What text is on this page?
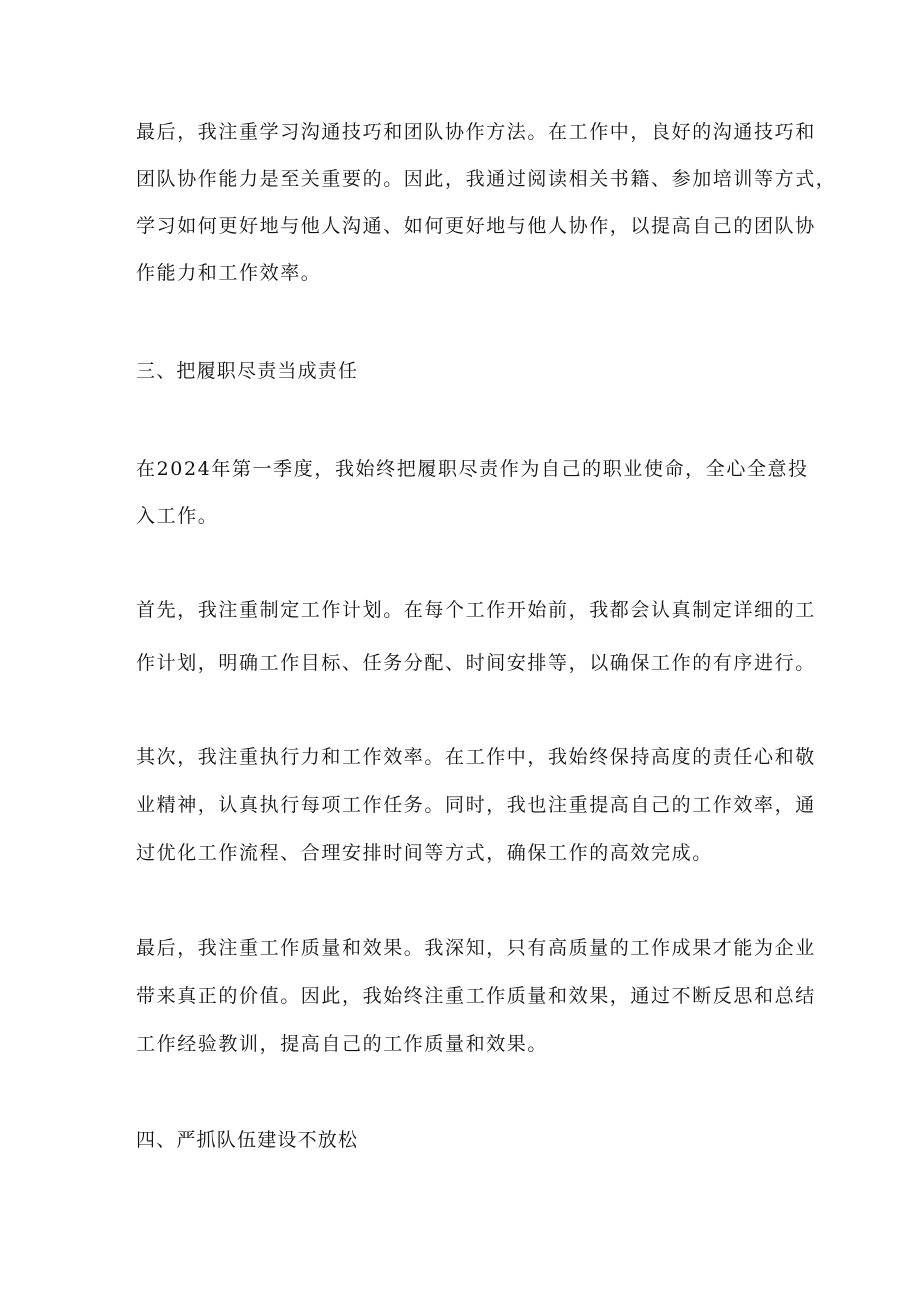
最后，我注重学习沟通技巧和团队协作方法。在工作中，良好的沟通技巧和
团队协作能力是至关重要的。因此，我通过阅读相关书籍、参加培训等方式，
学习如何更好地与他人沟通、如何更好地与他人协作，以提高自己的团队协
作能力和工作效率。
三、把履职尽责当成责任
在2024年第一季度，我始终把履职尽责作为自己的职业使命，全心全意投
入工作。
首先，我注重制定工作计划。在每个工作开始前，我都会认真制定详细的工
作计划，明确工作目标、任务分配、时间安排等，以确保工作的有序进行。
其次，我注重执行力和工作效率。在工作中，我始终保持高度的责任心和敬
业精神，认真执行每项工作任务。同时，我也注重提高自己的工作效率，通
过优化工作流程、合理安排时间等方式，确保工作的高效完成。
最后，我注重工作质量和效果。我深知，只有高质量的工作成果才能为企业
带来真正的价值。因此，我始终注重工作质量和效果，通过不断反思和总结
工作经验教训，提高自己的工作质量和效果。
四、严抓队伍建设不放松
